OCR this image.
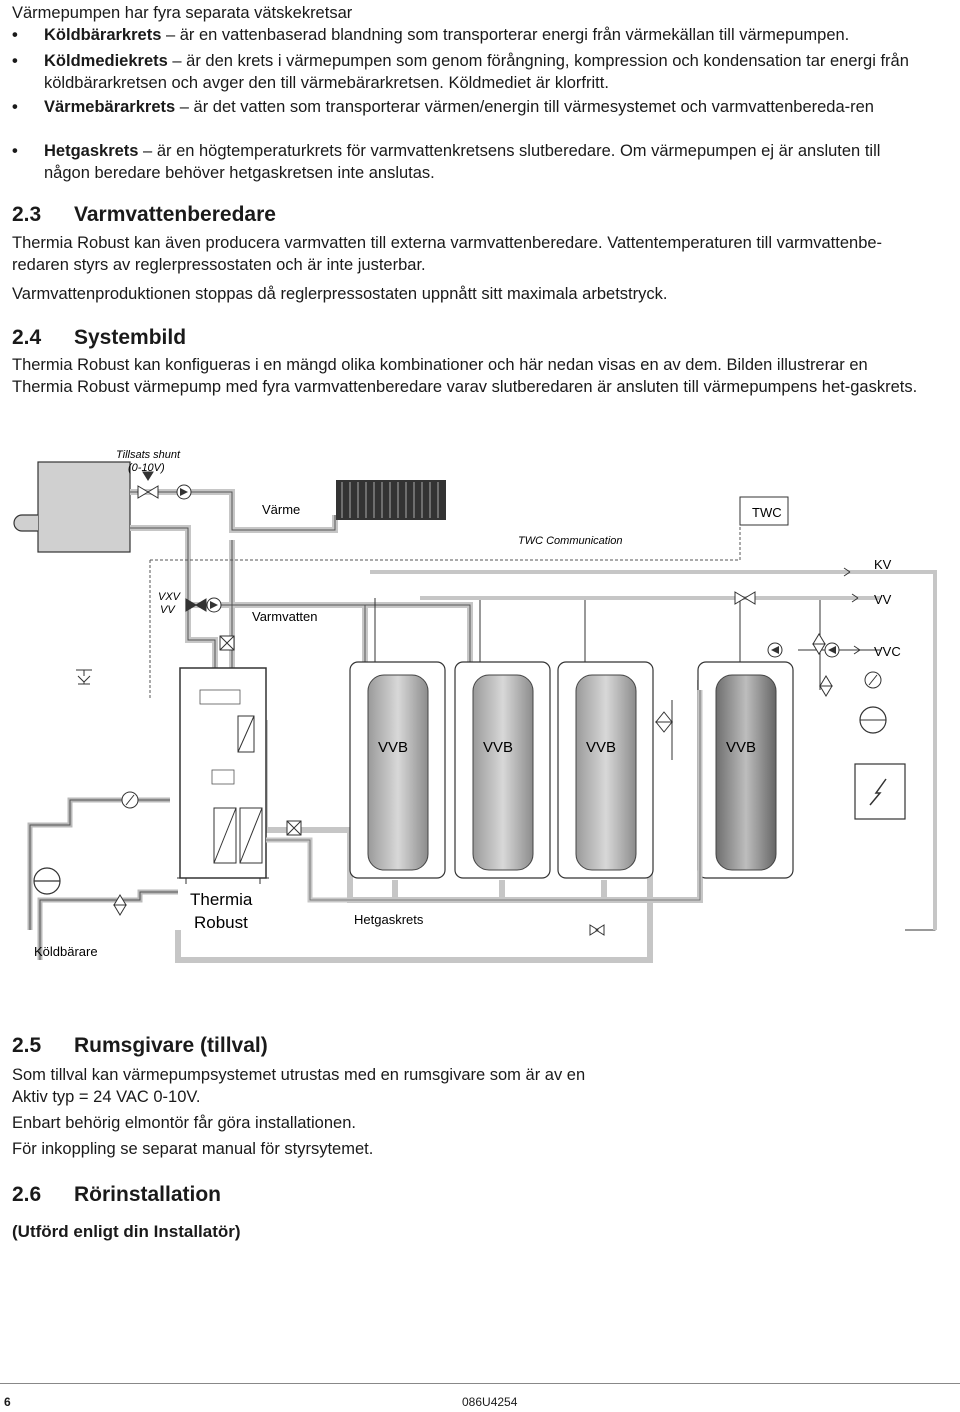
Värmepumpen har fyra separata vätskekretsar
• Köldbärarkrets – är en vattenbaserad blandning som transporterar energi från värmekällan till värmepumpen.
• Köldmediekrets – är den krets i värmepumpen som genom förångning, kompression och kondensation tar energi från köldbärarkretsen och avger den till värmebärarkretsen. Köldmediet är klorfritt.
• Värmebärarkrets – är det vatten som transporterar värmen/energin till värmesystemet och varmvattenbereda-ren
• Hetgaskrets – är en högtemperaturkrets för varmvattenkretsens slutberedare. Om värmepumpen ej är ansluten till någon beredare behöver hetgaskretsen inte anslutas.
2.3 Varmvattenberedare
Thermia Robust kan även producera varmvatten till externa varmvattenberedare. Vattentemperaturen till varmvattenbe-redaren styrs av reglerpressostaten och är inte justerbar.
Varmvattenproduktionen stoppas då reglerpressostaten uppnått sitt maximala arbetstryck.
2.4 Systembild
Thermia Robust kan konfigueras i en mängd olika kombinationer och här nedan visas en av dem. Bilden illustrerar en Thermia Robust värmepump med fyra varmvattenberedare varav slutberedaren är ansluten till värmepumpens het-gaskrets.
TWC
TWC Communication
KV
VV
VVC
VVB	VVB	VVB	VVB
Tillsats shunt
(0-10V)
Värme
VXV
VV	Varmvatten
Thermia
Robust	Hetgaskrets
Köldbärare
2.5 Rumsgivare (tillval)
Som tillval kan värmepumpsystemet utrustas med en rumsgivare som är av en Aktiv typ = 24 VAC 0-10V.
Enbart behörig elmontör får göra installationen.
För inkoppling se separat manual för styrsytemet.
2.6 Rörinstallation
(Utförd enligt din Installatör)
6	086U4254
